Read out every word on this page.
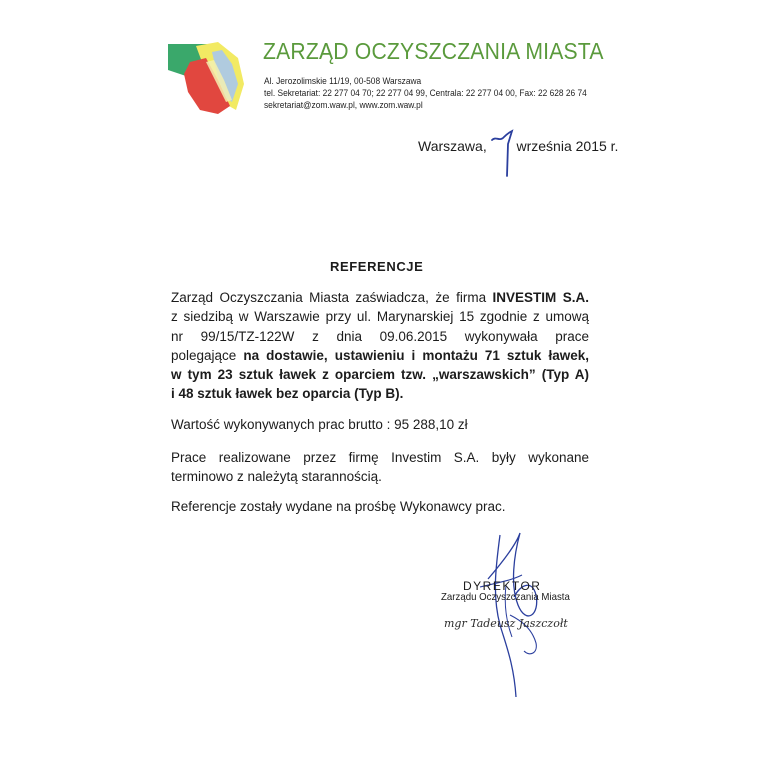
ZARZĄD OCZYSZCZANIA MIASTA
Al. Jerozolimskie 11/19, 00-508 Warszawa
tel. Sekretariat: 22 277 04 70; 22 277 04 99, Centrala: 22 277 04 00, Fax: 22 628 26 74
sekretariat@zom.waw.pl, www.zom.waw.pl
Warszawa, września 2015 r.
7
REFERENCJE
Zarząd Oczyszczania Miasta zaświadcza, że firma INVESTIM S.A.
z siedzibą w Warszawie przy ul. Marynarskiej 15 zgodnie z umową
nr 99/15/TZ-122W z dnia 09.06.2015 wykonywała prace
polegające na dostawie, ustawieniu i montażu 71 sztuk ławek,
w tym 23 sztuk ławek z oparciem tzw. „warszawskich” (Typ A)
i 48 sztuk ławek bez oparcia (Typ B).
Wartość wykonywanych prac brutto : 95 288,10 zł
Prace realizowane przez firmę Investim S.A. były wykonane
terminowo z należytą starannością.
Referencje zostały wydane na prośbę Wykonawcy prac.
DYREKTOR
Zarządu Oczyszczania Miasta
mgr Tadeusz Jaszczołt
